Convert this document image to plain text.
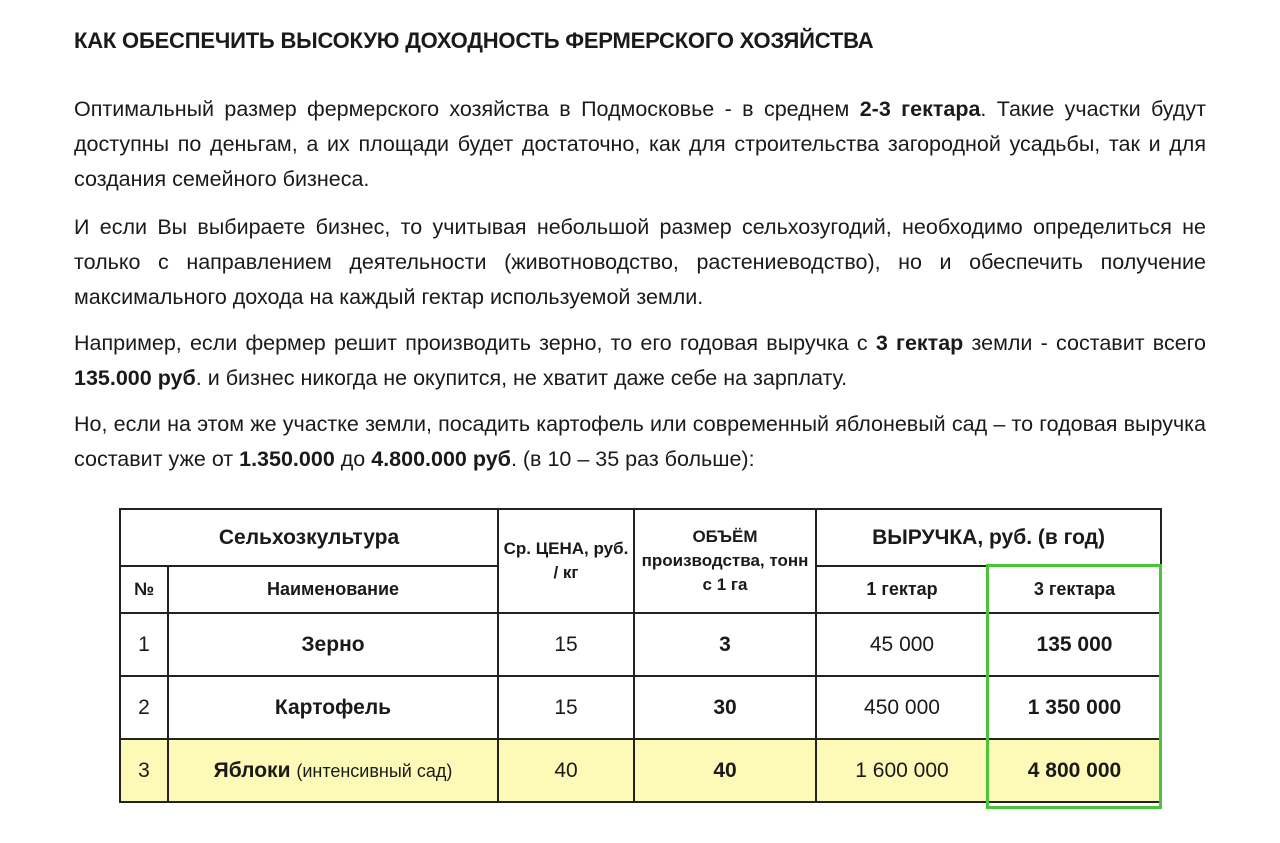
КАК ОБЕСПЕЧИТЬ ВЫСОКУЮ ДОХОДНОСТЬ ФЕРМЕРСКОГО ХОЗЯЙСТВА
Оптимальный размер фермерского хозяйства в Подмосковье - в среднем 2-3 гектара. Такие участки будут доступны по деньгам, а их площади будет достаточно, как для строительства загородной усадьбы, так и для создания семейного бизнеса.
И если Вы выбираете бизнес, то учитывая небольшой размер сельхозугодий, необходимо определиться не только с направлением деятельности (животноводство, растениеводство), но и обеспечить получение максимального дохода на каждый гектар используемой земли.
Например, если фермер решит производить зерно, то его годовая выручка с 3 гектар земли - составит всего 135.000 руб. и бизнес никогда не окупится, не хватит даже себе на зарплату.
Но, если на этом же участке земли, посадить картофель или современный яблоневый сад – то годовая выручка составит уже от 1.350.000 до 4.800.000 руб. (в 10 – 35 раз больше):
Сельхозкультура		Ср. ЦЕНА, руб. / кг	ОБЪЁМ производства, тонн с 1 га	ВЫРУЧКА, руб. (в год)	
№	Наименование			1 гектар	3 гектара
1	Зерно	15	3	45 000	135 000
2	Картофель	15	30	450 000	1 350 000
3	Яблоки (интенсивный сад)	40	40	1 600 000	4 800 000
